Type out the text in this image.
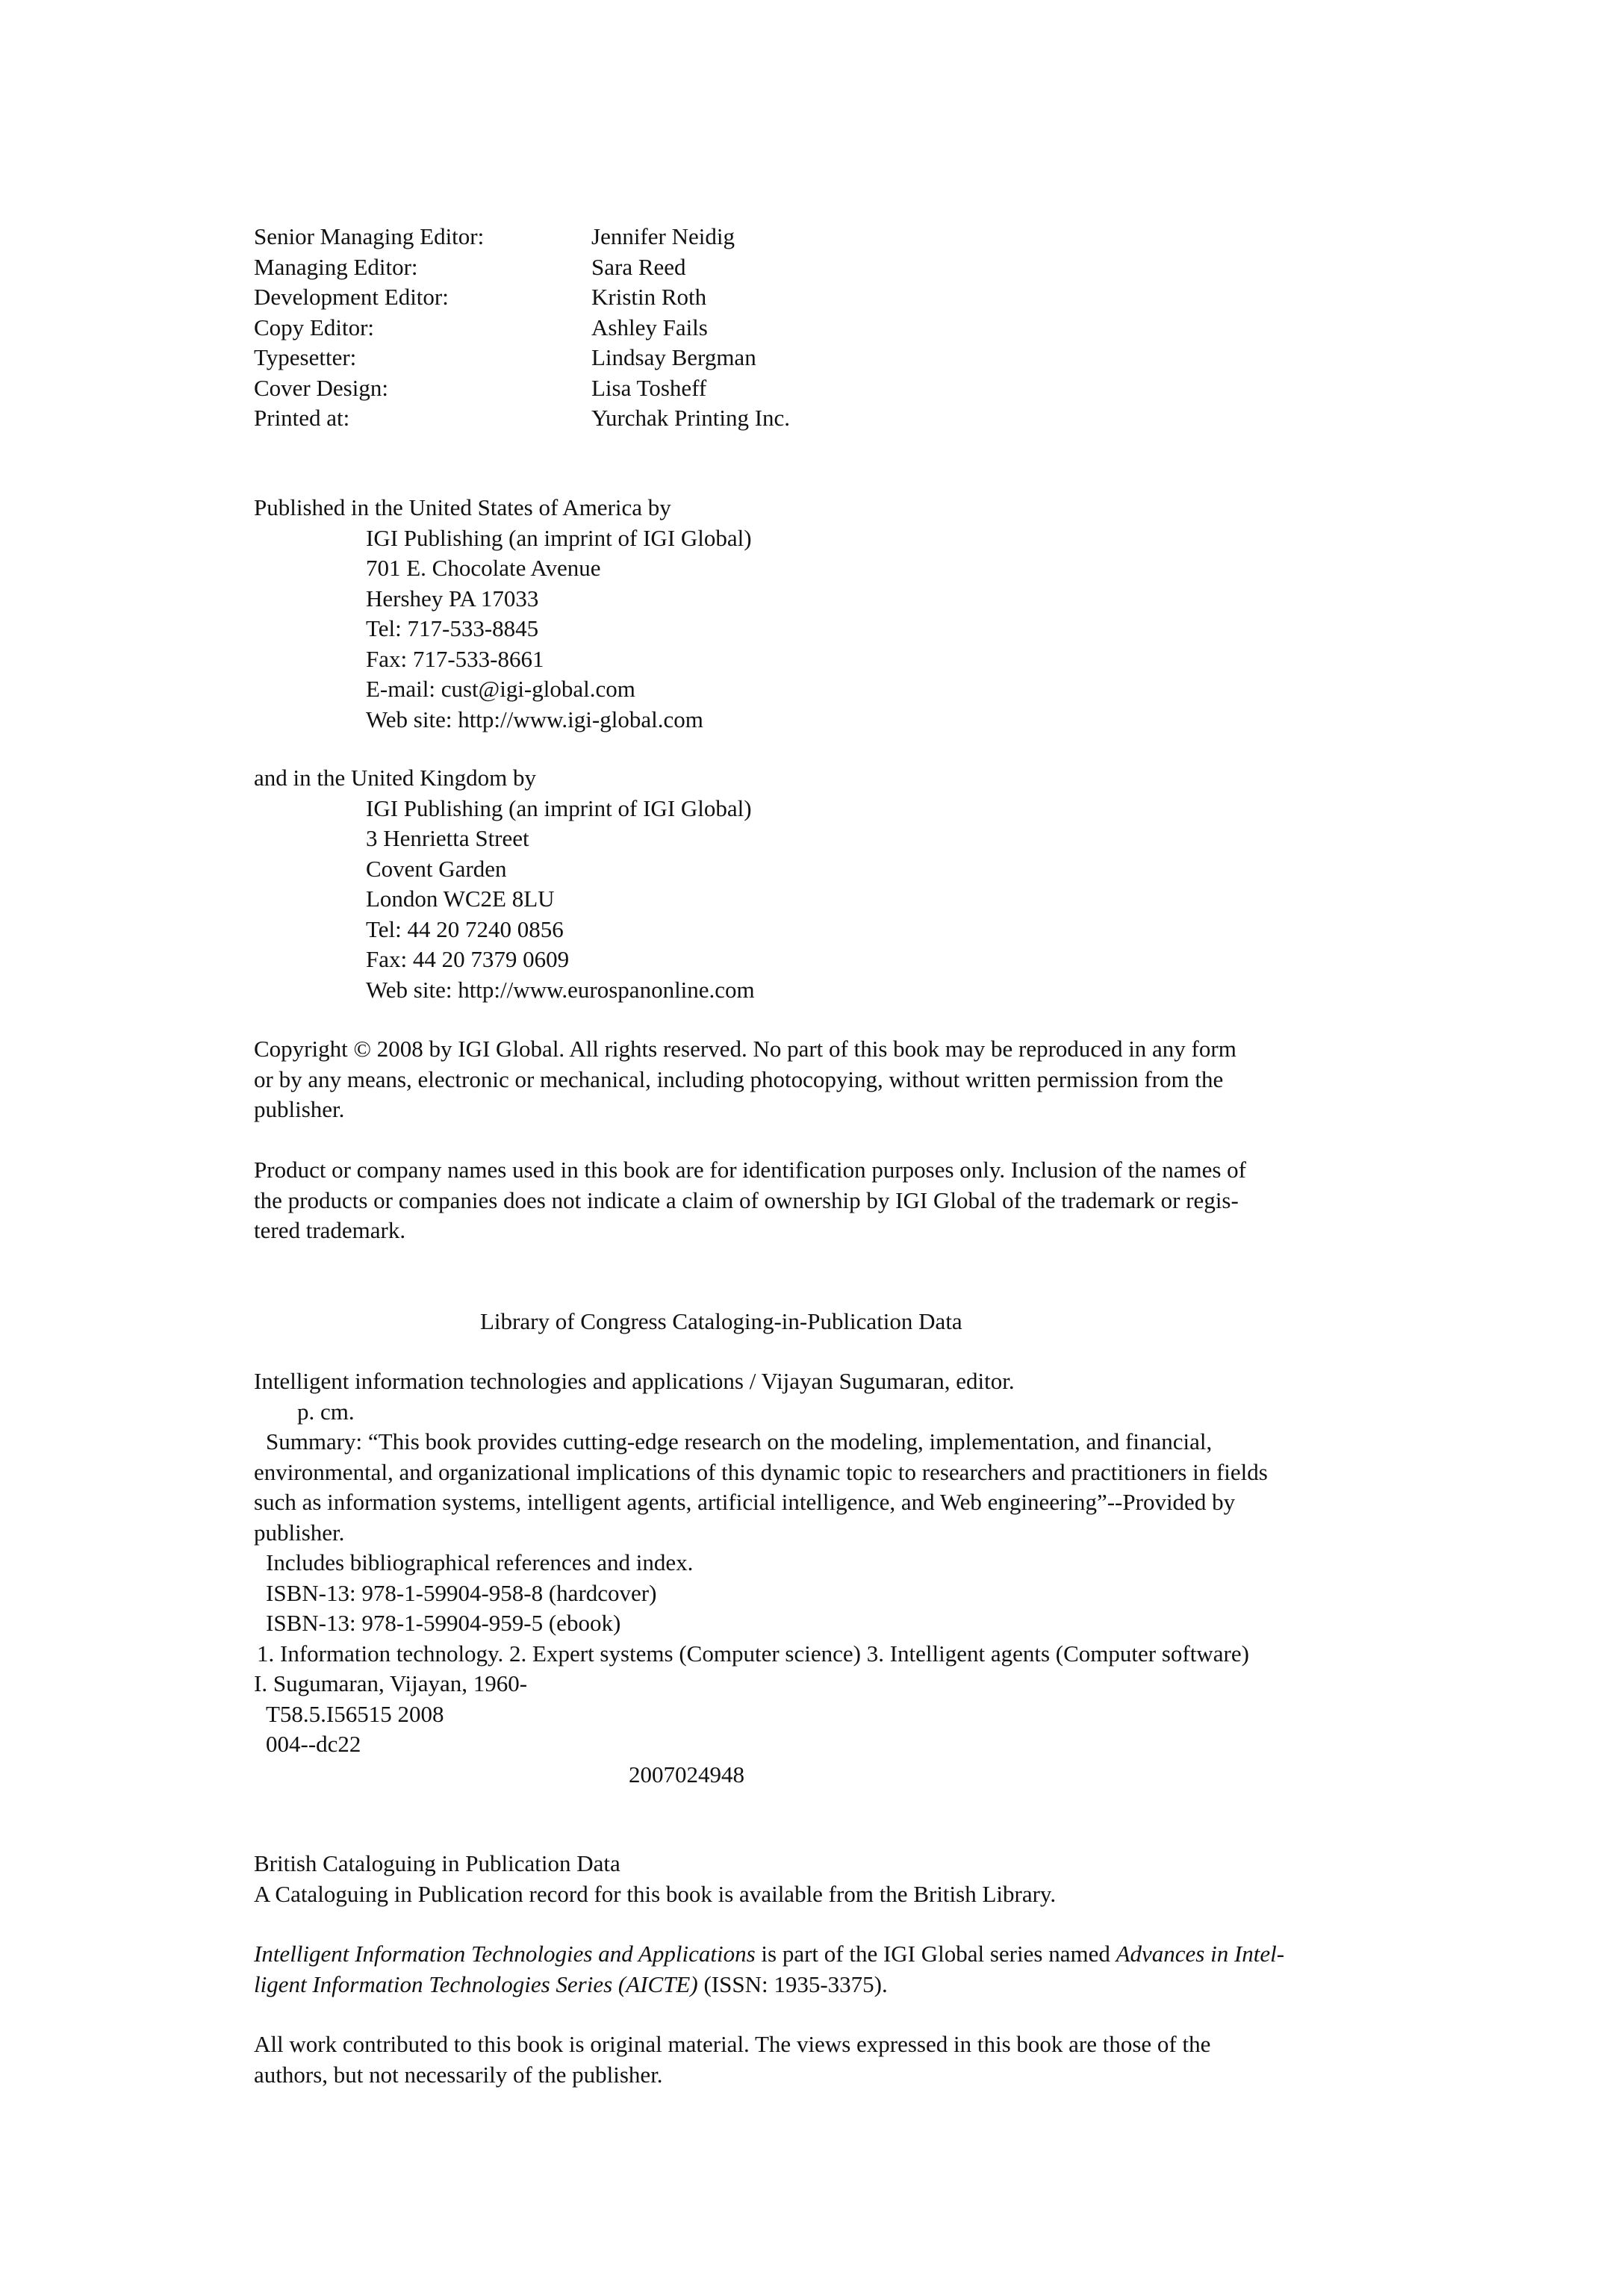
Senior Managing Editor:	Jennifer Neidig
Managing Editor:	Sara Reed
Development Editor:	Kristin Roth
Copy Editor:	Ashley Fails
Typesetter:	Lindsay Bergman
Cover Design:	Lisa Tosheff
Printed at:	Yurchak Printing Inc.
Published in the United States of America by
IGI Publishing (an imprint of IGI Global)
701 E. Chocolate Avenue
Hershey PA 17033
Tel: 717-533-8845
Fax: 717-533-8661
E-mail: cust@igi-global.com
Web site: http://www.igi-global.com
and in the United Kingdom by
IGI Publishing (an imprint of IGI Global)
3 Henrietta Street
Covent Garden
London WC2E 8LU
Tel: 44 20 7240 0856
Fax: 44 20 7379 0609
Web site: http://www.eurospanonline.com
Copyright © 2008 by IGI Global. All rights reserved. No part of this book may be reproduced in any form
or by any means, electronic or mechanical, including photocopying, without written permission from the
publisher.
Product or company names used in this book are for identification purposes only. Inclusion of the names of
the products or companies does not indicate a claim of ownership by IGI Global of the trademark or regis-
tered trademark.
Library of Congress Cataloging-in-Publication Data
Intelligent information technologies and applications / Vijayan Sugumaran, editor.
p. cm.
Summary: “This book provides cutting-edge research on the modeling, implementation, and financial,
environmental, and organizational implications of this dynamic topic to researchers and practitioners in fields
such as information systems, intelligent agents, artificial intelligence, and Web engineering”--Provided by
publisher.
Includes bibliographical references and index.
ISBN-13: 978-1-59904-958-8 (hardcover)
ISBN-13: 978-1-59904-959-5 (ebook)
1. Information technology. 2. Expert systems (Computer science) 3. Intelligent agents (Computer software)
I. Sugumaran, Vijayan, 1960-
T58.5.I56515 2008
004--dc22
2007024948
British Cataloguing in Publication Data
A Cataloguing in Publication record for this book is available from the British Library.
Intelligent Information Technologies and Applications is part of the IGI Global series named Advances in Intel-
ligent Information Technologies Series (AICTE) (ISSN: 1935-3375).
All work contributed to this book is original material. The views expressed in this book are those of the
authors, but not necessarily of the publisher.
